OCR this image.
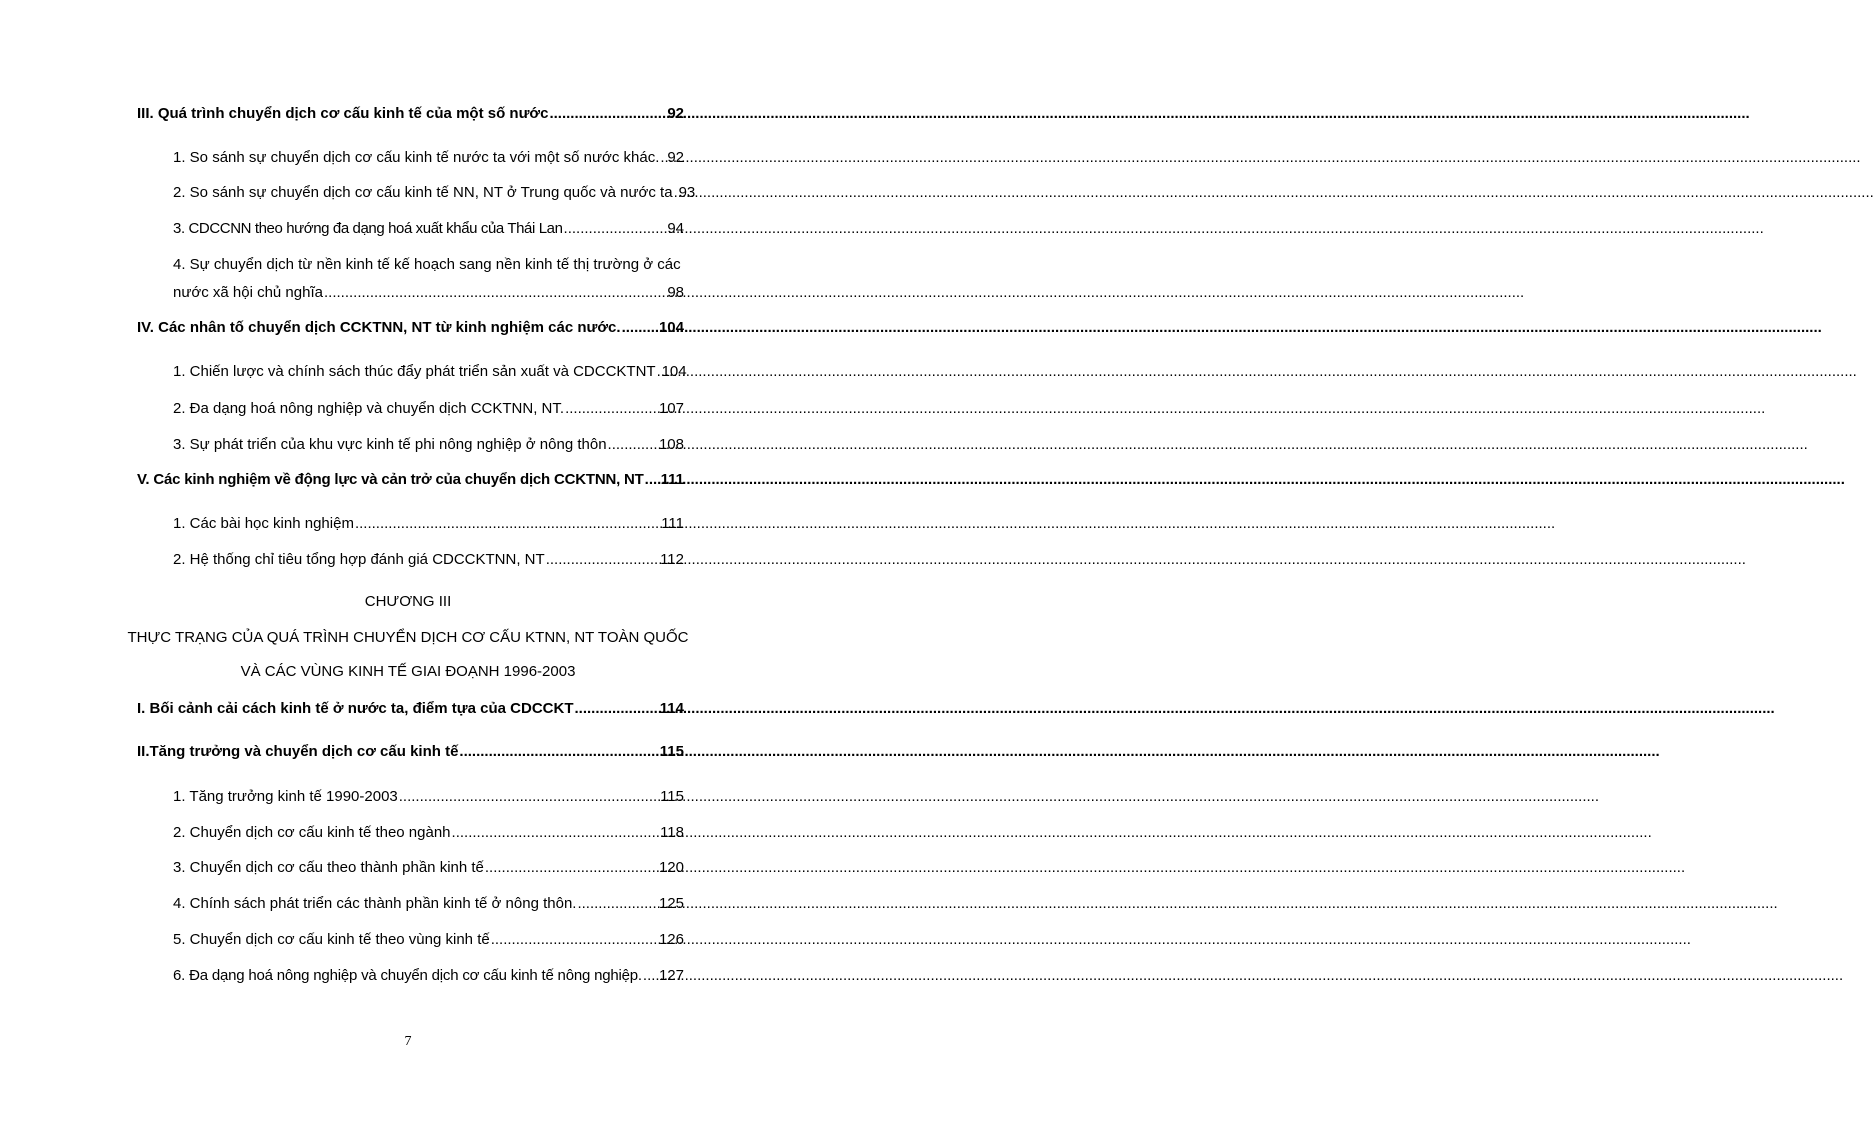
III. Quá trình chuyển dịch cơ cấu kinh tế của một số nước .....	92
1. So sánh sự chuyển dịch cơ cấu kinh tế nước ta với một số nước khác. ..... 92
2. So sánh sự chuyển dịch cơ cấu kinh tế NN, NT ở Trung quốc và nước ta ..... 93
3. CDCCNN theo hướng đa dạng hoá xuất khẩu của Thái Lan .....	94
4. Sự chuyển dịch từ nền kinh tế kế hoạch sang nền kinh tế thị trường ở các
nước xã hội chủ nghĩa .....	98
IV. Các nhân tố chuyển dịch CCKTNN, NT từ kinh nghiệm các nước. .....	104
1. Chiến lược và chính sách thúc đẩy phát triển sản xuất và CDCCKTNT ..... 104
2. Đa dạng hoá nông nghiệp và chuyển dịch CCKTNN, NT. .....	107
3. Sự phát triển của khu vực kinh tế phi nông nghiệp ở nông thôn .....	108
V. Các kinh nghiệm về động lực và cản trở của chuyển dịch CCKTNN, NT ..... 111
1. Các bài học kinh nghiệm .....	111
2. Hệ thống chỉ tiêu tổng hợp đánh giá CDCCKTNN, NT .....	112
CHƯƠNG III
THỰC TRẠNG CỦA QUÁ TRÌNH CHUYỂN DỊCH CƠ CẤU KTNN, NT TOÀN QUỐC
VÀ CÁC VÙNG KINH TẾ GIAI ĐOẠNH 1996-2003
I. Bối cảnh cải cách kinh tế ở nước ta, điểm tựa của CDCCKT .....	114
II.Tăng trưởng và chuyển dịch cơ cấu kinh tế .....	115
1. Tăng trưởng kinh tế 1990-2003 .....	115
2. Chuyển dịch cơ cấu kinh tế theo ngành .....	118
3. Chuyển dịch cơ cấu theo thành phần kinh tế .....	120
4. Chính sách phát triển các thành phần kinh tế ở nông thôn. .....	125
5. Chuyển dịch cơ cấu kinh tế theo vùng kinh tế .....	126
6. Đa dạng hoá nông nghiệp và chuyển dịch cơ cấu kinh tế nông nghiệp. ..... 127
7
